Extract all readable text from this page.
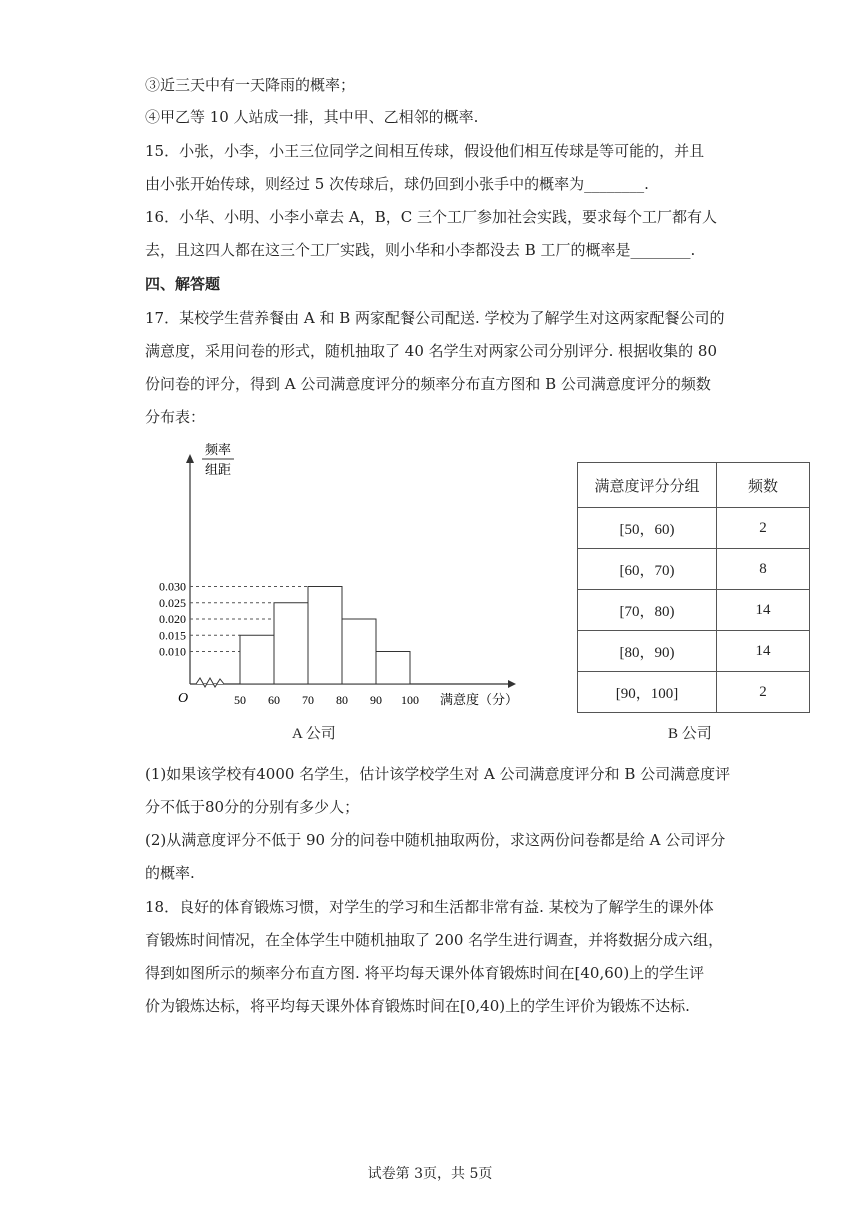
③近三天中有一天降雨的概率；
④甲乙等 10 人站成一排，其中甲、乙相邻的概率.
15．小张，小李，小王三位同学之间相互传球，假设他们相互传球是等可能的，并且
由小张开始传球，则经过 5 次传球后，球仍回到小张手中的概率为________.
16．小华、小明、小李小章去 A，B，C 三个工厂参加社会实践，要求每个工厂都有人
去，且这四人都在这三个工厂实践，则小华和小李都没去 B 工厂的概率是________.
四、解答题
17．某校学生营养餐由 A 和 B 两家配餐公司配送. 学校为了解学生对这两家配餐公司的
满意度，采用问卷的形式，随机抽取了 40 名学生对两家公司分别评分. 根据收集的 80
份问卷的评分，得到 A 公司满意度评分的频率分布直方图和 B 公司满意度评分的频数
分布表：
频率
组距
0.010
0.015
0.020
0.025
0.030
50 60 70 80 90 100
O	满意度（分）
A 公司
满意度评分分组	频数
[50，60)	2
[60，70)	8
[70，80)	14
[80，90)	14
[90，100]	2
B 公司
(1)如果该学校有4000 名学生，估计该学校学生对 A 公司满意度评分和 B 公司满意度评
分不低于80分的分别有多少人；
(2)从满意度评分不低于 90 分的问卷中随机抽取两份，求这两份问卷都是给 A 公司评分
的概率.
18．良好的体育锻炼习惯，对学生的学习和生活都非常有益. 某校为了解学生的课外体
育锻炼时间情况，在全体学生中随机抽取了 200 名学生进行调查，并将数据分成六组，
得到如图所示的频率分布直方图. 将平均每天课外体育锻炼时间在[40,60)上的学生评
价为锻炼达标，将平均每天课外体育锻炼时间在[0,40)上的学生评价为锻炼不达标.
试卷第 3页，共 5页
